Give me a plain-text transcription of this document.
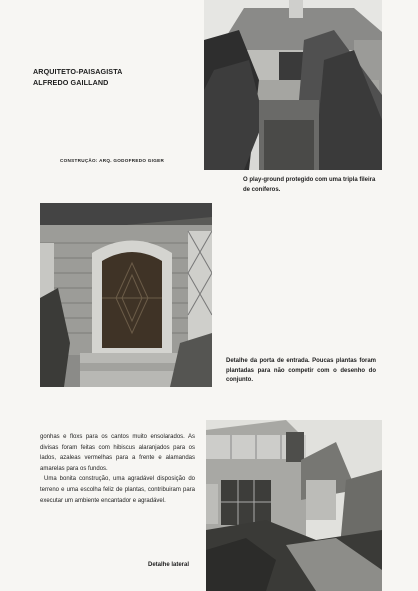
ARQUITETO-PAISAGISTA
ALFREDO GAILLAND
CONSTRUÇÃO: ARQ. GODOFREDO GIGER
O play-ground protegido com uma tripla fileira de coníferos.
Detalhe da porta de entrada. Poucas plantas foram plantadas para não competir com o desenho do conjunto.

gonhas e floxs para os cantos muito ensolarados. As divisas foram feitas com hibiscus alaranjados para os lados, azaleas vermelhas para a frente e alamandas amarelas para os fundos.

Uma bonita construção, uma agradável disposição do terreno e uma escolha feliz de plantas, contribuiram para executar um ambiente encantador e agradável.

Detalhe lateral
